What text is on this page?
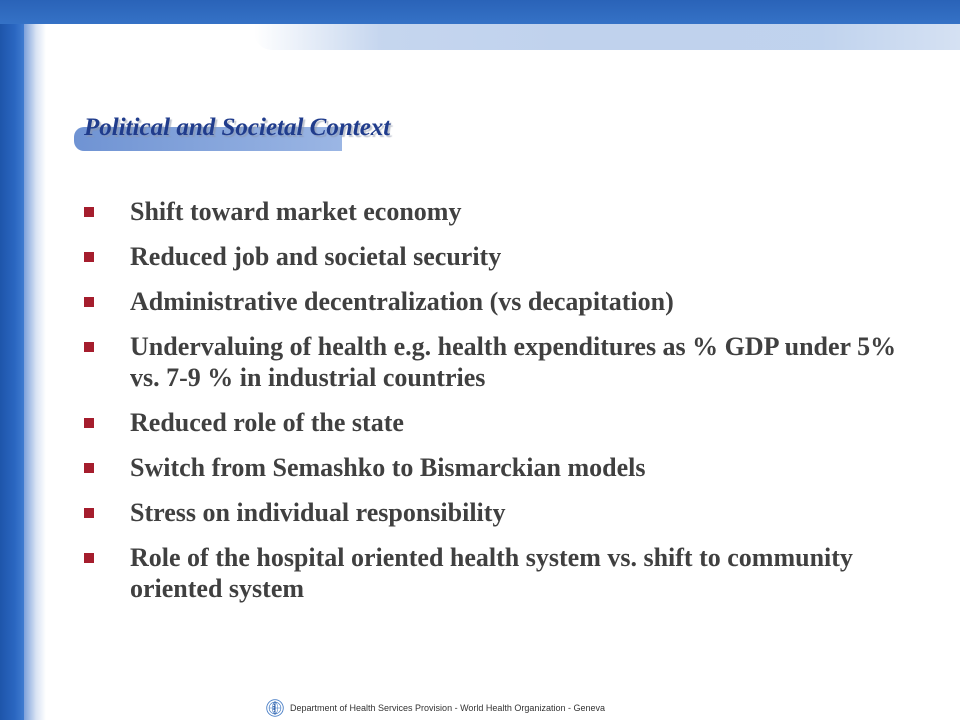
Political and Societal Context
Shift toward market economy
Reduced job and societal security
Administrative decentralization (vs decapitation)
Undervaluing of health e.g. health expenditures as % GDP under 5% vs. 7-9 % in industrial countries
Reduced role of the state
Switch from Semashko to Bismarckian models
Stress on individual responsibility
Role of the hospital oriented health system vs. shift to community oriented system
Department of Health Services Provision - World Health Organization - Geneva
